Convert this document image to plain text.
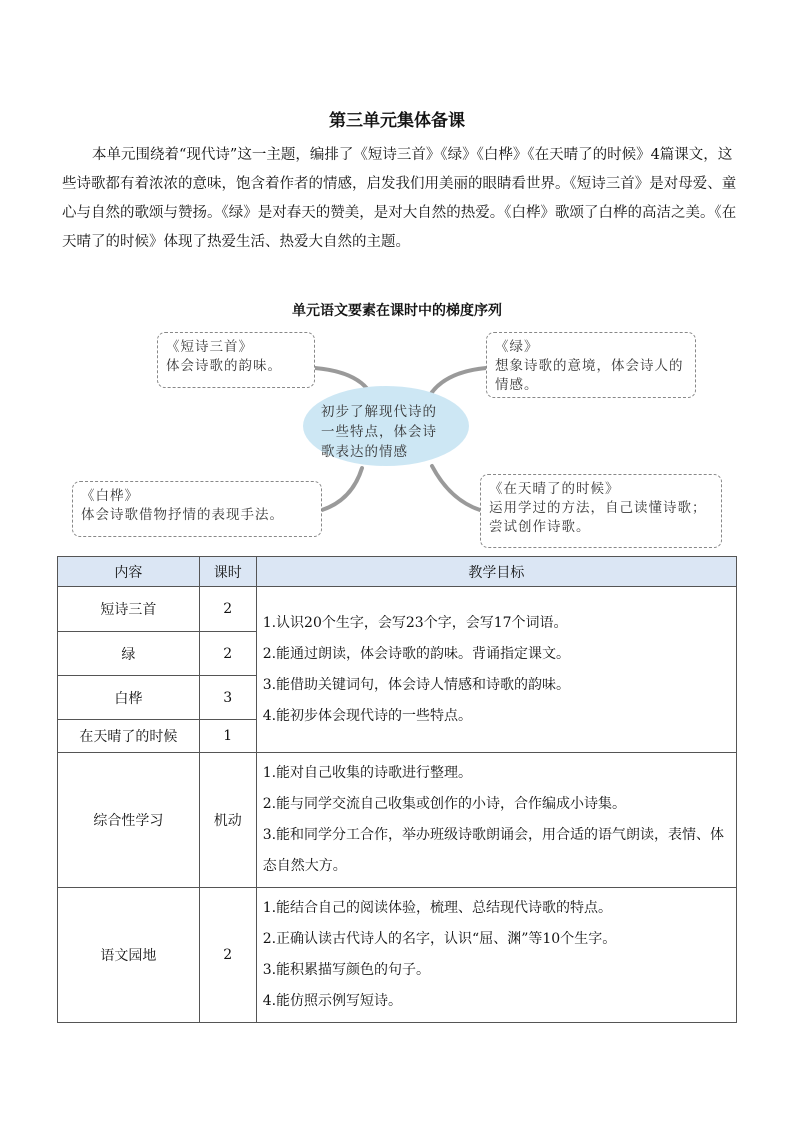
第三单元集体备课

本单元围绕着“现代诗”这一主题，编排了《短诗三首》《绿》《白桦》《在天晴了的时候》4篇课文，这些诗歌都有着浓浓的意味，饱含着作者的情感，启发我们用美丽的眼睛看世界。《短诗三首》是对母爱、童心与自然的歌颂与赞扬。《绿》是对春天的赞美，是对大自然的热爱。《白桦》歌颂了白桦的高洁之美。《在天晴了的时候》体现了热爱生活、热爱大自然的主题。

单元语文要素在课时中的梯度序列
初步了解现代诗的一些特点，体会诗歌表达的情感
《短诗三首》
体会诗歌的韵味。
《绿》
想象诗歌的意境，体会诗人的情感。
《白桦》
体会诗歌借物抒情的表现手法。
《在天晴了的时候》
运用学过的方法，自己读懂诗歌；尝试创作诗歌。
内容	课时	教学目标
短诗三首	2	1.认识20个生字，会写23个字，会写17个词语。
2.能通过朗读，体会诗歌的韵味。背诵指定课文。
3.能借助关键词句，体会诗人情感和诗歌的韵味。
4.能初步体会现代诗的一些特点。

绿	2	
白桦	3	
在天晴了的时候	1	
综合性学习	机动	1.能对自己收集的诗歌进行整理。
2.能与同学交流自己收集或创作的小诗，合作编成小诗集。
3.能和同学分工合作，举办班级诗歌朗诵会，用合适的语气朗读，表情、体态自然大方。

语文园地	2	1.能结合自己的阅读体验，梳理、总结现代诗歌的特点。
2.正确认读古代诗人的名字，认识“屈、渊”等10个生字。
3.能积累描写颜色的句子。
4.能仿照示例写短诗。
